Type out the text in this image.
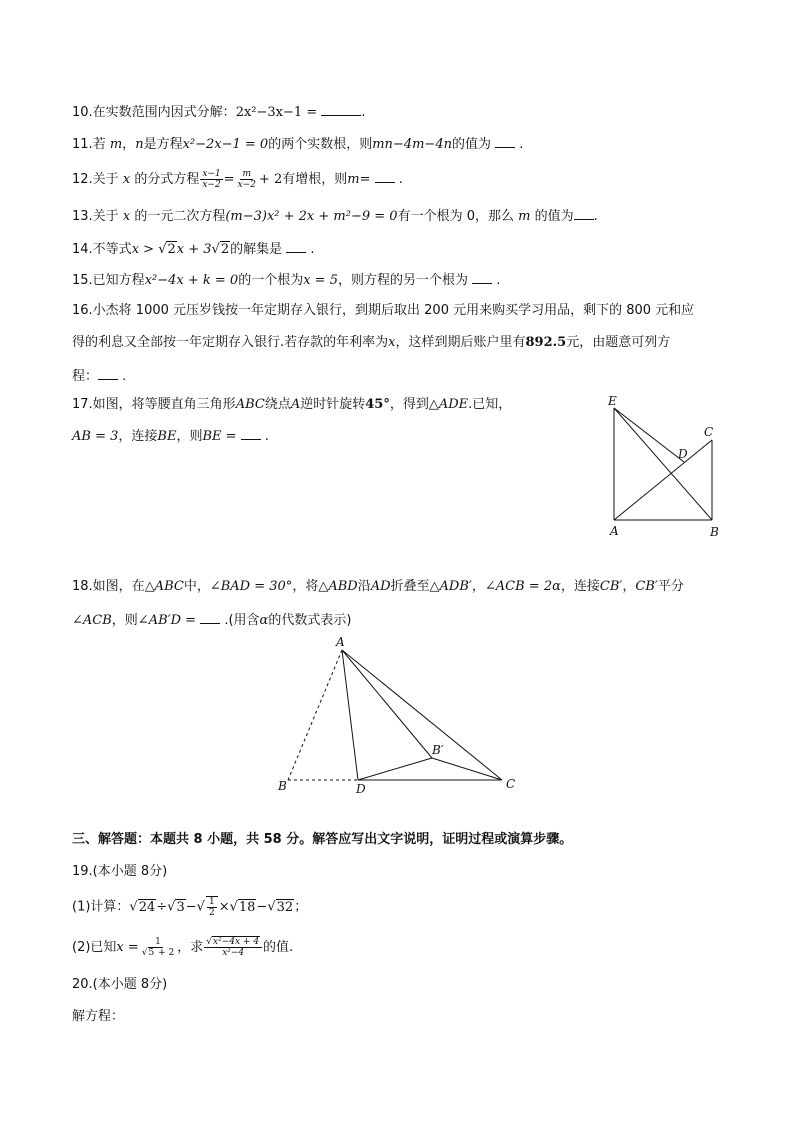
10.在实数范围内因式分解：2x²−3x−1 =	.
11.若 m，n是方程x²−2x−1 = 0的两个实数根，则mn−4m−4n的值为  .
12.关于 x 的分式方程 $\frac{x-1}{x-2} = \frac{m}{x-2} + 2$有增根，则m=  .
13.关于 x 的一元二次方程(m−3)x² + 2x + m²−9 = 0有一个根为 0，那么 m 的值为 .
14.不等式x > √2x + 3√2的解集是  .
15.已知方程x²−4x + k = 0的一个根为x = 5，则方程的另一个根为  .
16.小杰将 1000 元压岁钱按一年定期存入银行，到期后取出 200 元用来购买学习用品，剩下的 800 元和应
得的利息又全部按一年定期存入银行.若存款的年利率为x，这样到期后账户里有892.5元，由题意可列方
程： .
17.如图，将等腰直角三角形ABC绕点A逆时针旋转45°，得到△ADE.已知，
AB = 3，连接BE，则BE =  .
E
C
D
A	B
18.如图，在△ABC中，∠BAD = 30°，将△ABD沿AD折叠至△ADB′，∠ACB = 2α，连接CB′，CB′平分
∠ACB，则∠AB′D = .(用含α的代数式表示)
A
B
B′
D	C
三、解答题：本题共 8 小题，共 58 分。解答应写出文字说明，证明过程或演算步骤。
19.(本小题 8分)
(1)计算：$√24\div√3-√ \frac{1}{2} \times√18-√32$；
(2)已知$x = \frac{1}{√5 + 2}$ ，求 $\frac{\text{√x²−4x + 4}}{\text{x²−4}}$ 的值.
20.(本小题 8分)
解方程：
